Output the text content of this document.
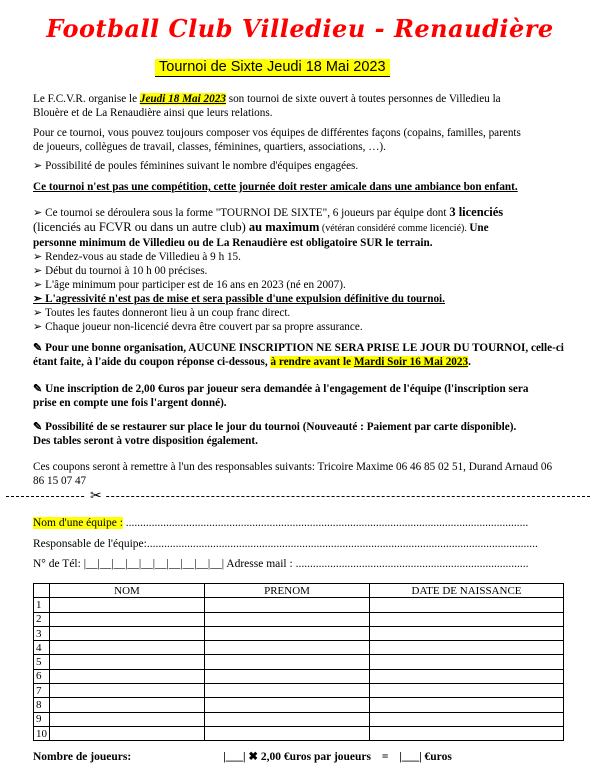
Football Club Villedieu - Renaudière
Tournoi de Sixte Jeudi 18 Mai 2023
Le F.C.V.R. organise le Jeudi 18 Mai 2023 son tournoi de sixte ouvert à toutes personnes de Villedieu la
Blouère et de La Renaudière ainsi que leurs relations.
Pour ce tournoi, vous pouvez toujours composer vos équipes de différentes façons (copains, familles, parents
de joueurs, collègues de travail, classes, féminines, quartiers, associations, …).
➢ Possibilité de poules féminines suivant le nombre d'équipes engagées.
Ce tournoi n'est pas une compétition, cette journée doit rester amicale dans une ambiance bon enfant.
➢ Ce tournoi se déroulera sous la forme "TOURNOI DE SIXTE", 6 joueurs par équipe dont 3 licenciés
(licenciés au FCVR ou dans un autre club) au maximum (vétéran considéré comme licencié). Une
personne minimum de Villedieu ou de La Renaudière est obligatoire SUR le terrain.
➢ Rendez-vous au stade de Villedieu à 9 h 15.
➢ Début du tournoi à 10 h 00 précises.
➢ L'âge minimum pour participer est de 16 ans en 2023 (né en 2007).
➢ L'agressivité n'est pas de mise et sera passible d'une expulsion définitive du tournoi.
➢ Toutes les fautes donneront lieu à un coup franc direct.
➢ Chaque joueur non-licencié devra être couvert par sa propre assurance.
✎ Pour une bonne organisation, AUCUNE INSCRIPTION NE SERA PRISE LE JOUR DU TOURNOI, celle-ci
étant faite, à l'aide du coupon réponse ci-dessous, à rendre avant le Mardi Soir 16 Mai 2023.
✎ Une inscription de 2,00 €uros par joueur sera demandée à l'engagement de l'équipe (l'inscription sera
prise en compte une fois l'argent donné).
✎ Possibilité de se restaurer sur place le jour du tournoi (Nouveauté : Paiement par carte disponible).
Des tables seront à votre disposition également.
Ces coupons seront à remettre à l'un des responsables suivants: Tricoire Maxime 06 46 85 02 51, Durand Arnaud 06
86 15 07 47
✂
Nom d'une équipe : ............................................................................................................................................
Responsable de l'équipe:........................................................................................................................................
N° de Tél: |__|__|__|__|__|__|__|__|__|__| Adresse mail : .................................................................................
	NOM	PRENOM	DATE DE NAISSANCE
1			
2			
3			
4			
5			
6			
7			
8			
9			
10			
Nombre de joueurs:	|___| ✖ 2,00 €uros par joueurs = |___| €uros
